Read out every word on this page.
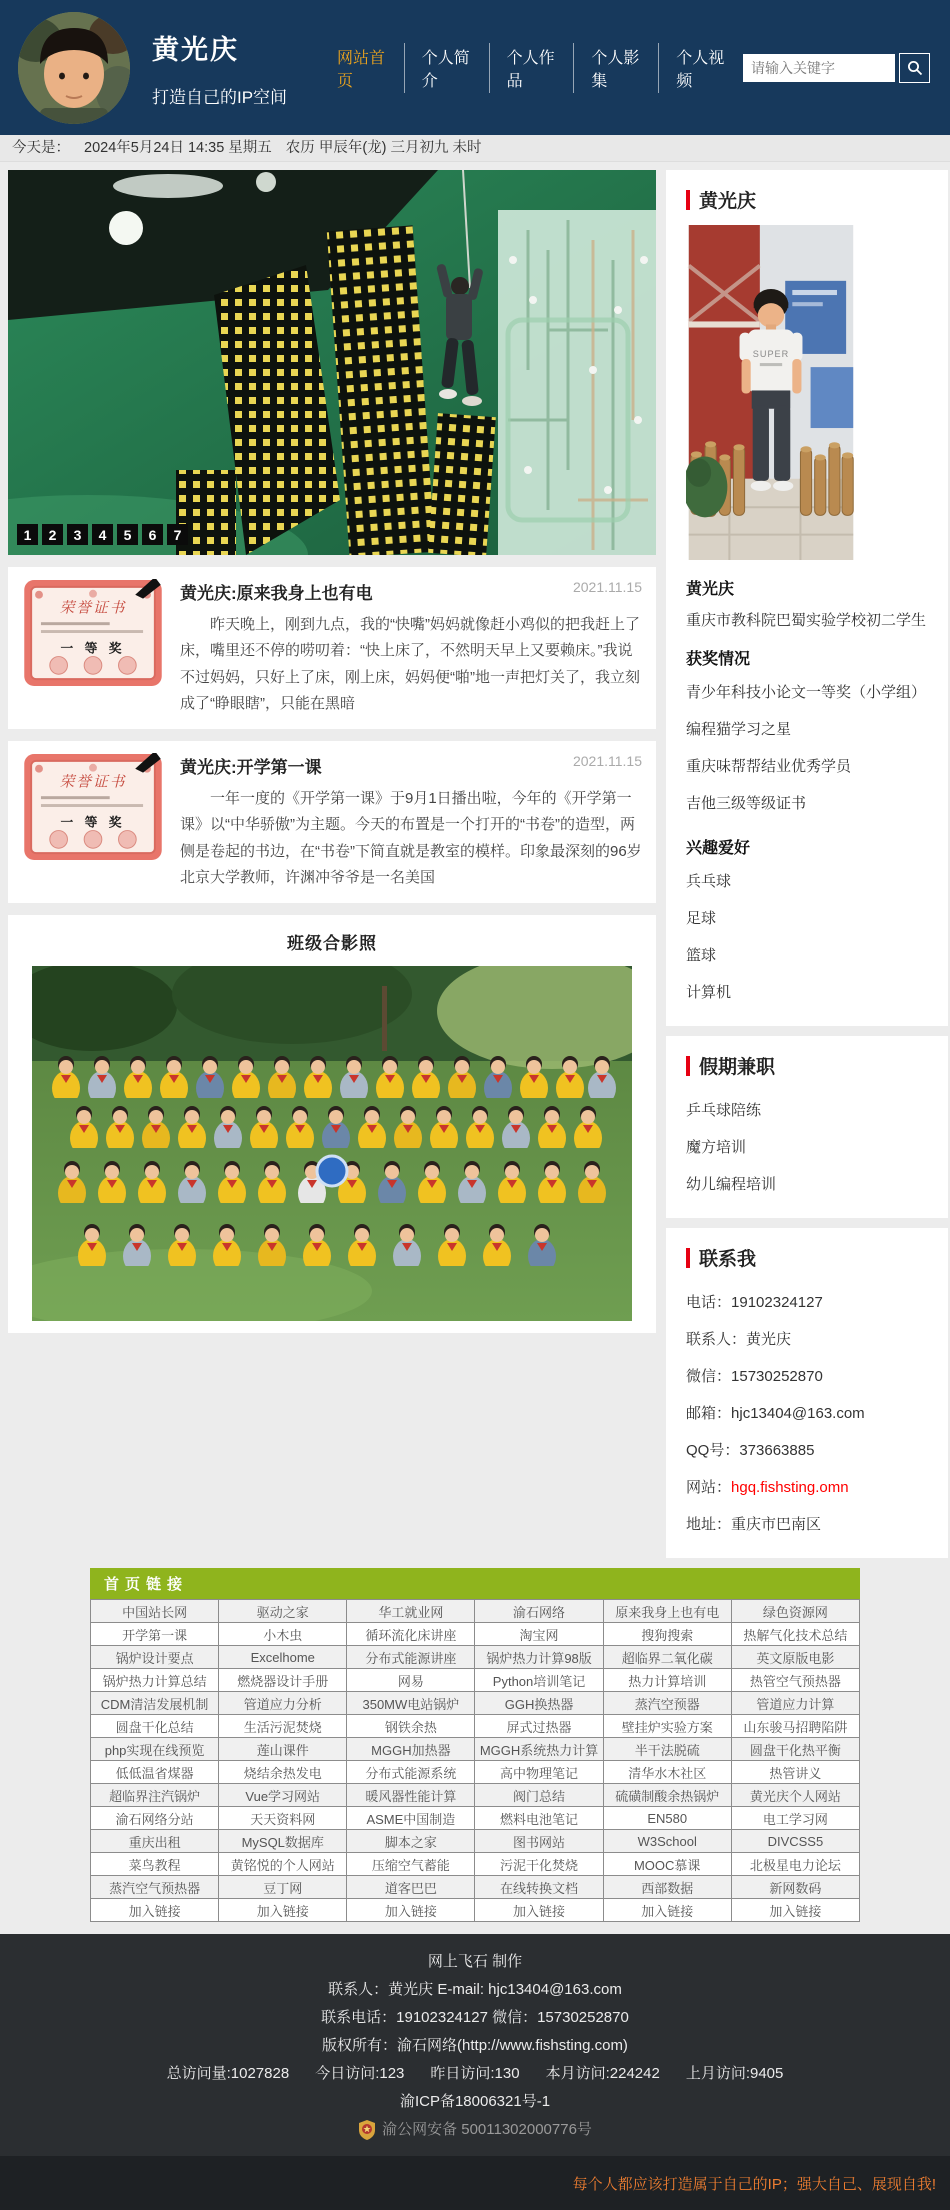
黄光庆
打造自己的IP空间
网站首页
个人简介
个人作品
个人影集
个人视频
请输入关键字
今天是： 2024年5月24日 14:35 星期五 农历 甲辰年(龙) 三月初九 未时
1	2	3	4	5	6	7
黄光庆:原来我身上也有电	2021.11.15
昨天晚上，刚到九点，我的“快嘴”妈妈就像赶小鸡似的把我赶上了床，嘴里还不停的唠叨着：“快上床了，不然明天早上又要赖床。”我说不过妈妈，只好上了床，刚上床，妈妈便“啪”地一声把灯关了，我立刻成了“睁眼瞎”，只能在黑暗
黄光庆:开学第一课	2021.11.15
一年一度的《开学第一课》于9月1日播出啦，今年的《开学第一课》以“中华骄傲”为主题。今天的布置是一个打开的“书卷”的造型，两侧是卷起的书边，在“书卷”下简直就是教室的模样。印象最深刻的96岁北京大学教师，许渊冲爷爷是一名美国
班级合影照
黄光庆
SUPER
黄光庆
重庆市教科院巴蜀实验学校初二学生
获奖情况
青少年科技小论文一等奖（小学组）
编程猫学习之星
重庆味帮帮结业优秀学员
吉他三级等级证书
兴趣爱好
兵乓球
足球
篮球
计算机
假期兼职
乒乓球陪练
魔方培训
幼儿编程培训
联系我
电话：19102324127
联系人：黄光庆
微信：15730252870
邮箱：hjc13404@163.com
QQ号：373663885
网站：hgq.fishsting.omn
地址：重庆市巴南区
首页链接
中国站长网	驱动之家	华工就业网	渝石网络	原来我身上也有电	绿色资源网
开学第一课	小木虫	循环流化床讲座	淘宝网	搜狗搜索	热解气化技术总结
锅炉设计要点	Excelhome	分布式能源讲座	锅炉热力计算98版	超临界二氧化碳	英文原版电影
锅炉热力计算总结	燃烧器设计手册	网易	Python培训笔记	热力计算培训	热管空气预热器
CDM清洁发展机制	管道应力分析	350MW电站锅炉	GGH换热器	蒸汽空预器	管道应力计算
圆盘干化总结	生活污泥焚烧	钢铁余热	屏式过热器	壁挂炉实验方案	山东骏马招聘陷阱
php实现在线预览	莲山课件	MGGH加热器	MGGH系统热力计算	半干法脱硫	圆盘干化热平衡
低低温省煤器	烧结余热发电	分布式能源系统	高中物理笔记	清华水木社区	热管讲义
超临界注汽锅炉	Vue学习网站	暖风器性能计算	阀门总结	硫磺制酸余热锅炉	黄光庆个人网站
渝石网络分站	天天资料网	ASME中国制造	燃料电池笔记	EN580	电工学习网
重庆出租	MySQL数据库	脚本之家	图书网站	W3School	DIVCSS5
菜鸟教程	黄铭悦的个人网站	压缩空气蓄能	污泥干化焚烧	MOOC慕课	北极星电力论坛
蒸汽空气预热器	豆丁网	道客巴巴	在线转换文档	西部数据	新网数码
加入链接	加入链接	加入链接	加入链接	加入链接	加入链接
网上飞石 制作
联系人：黄光庆 E-mail: hjc13404@163.com
联系电话：19102324127 微信：15730252870
版权所有：渝石网络(http://www.fishsting.com)
总访问量:1027828 今日访问:123 昨日访问:130 本月访问:224242 上月访问:9405
渝ICP备18006321号-1
渝公网安备 50011302000776号
每个人都应该打造属于自己的IP；强大自己、展现自我!
